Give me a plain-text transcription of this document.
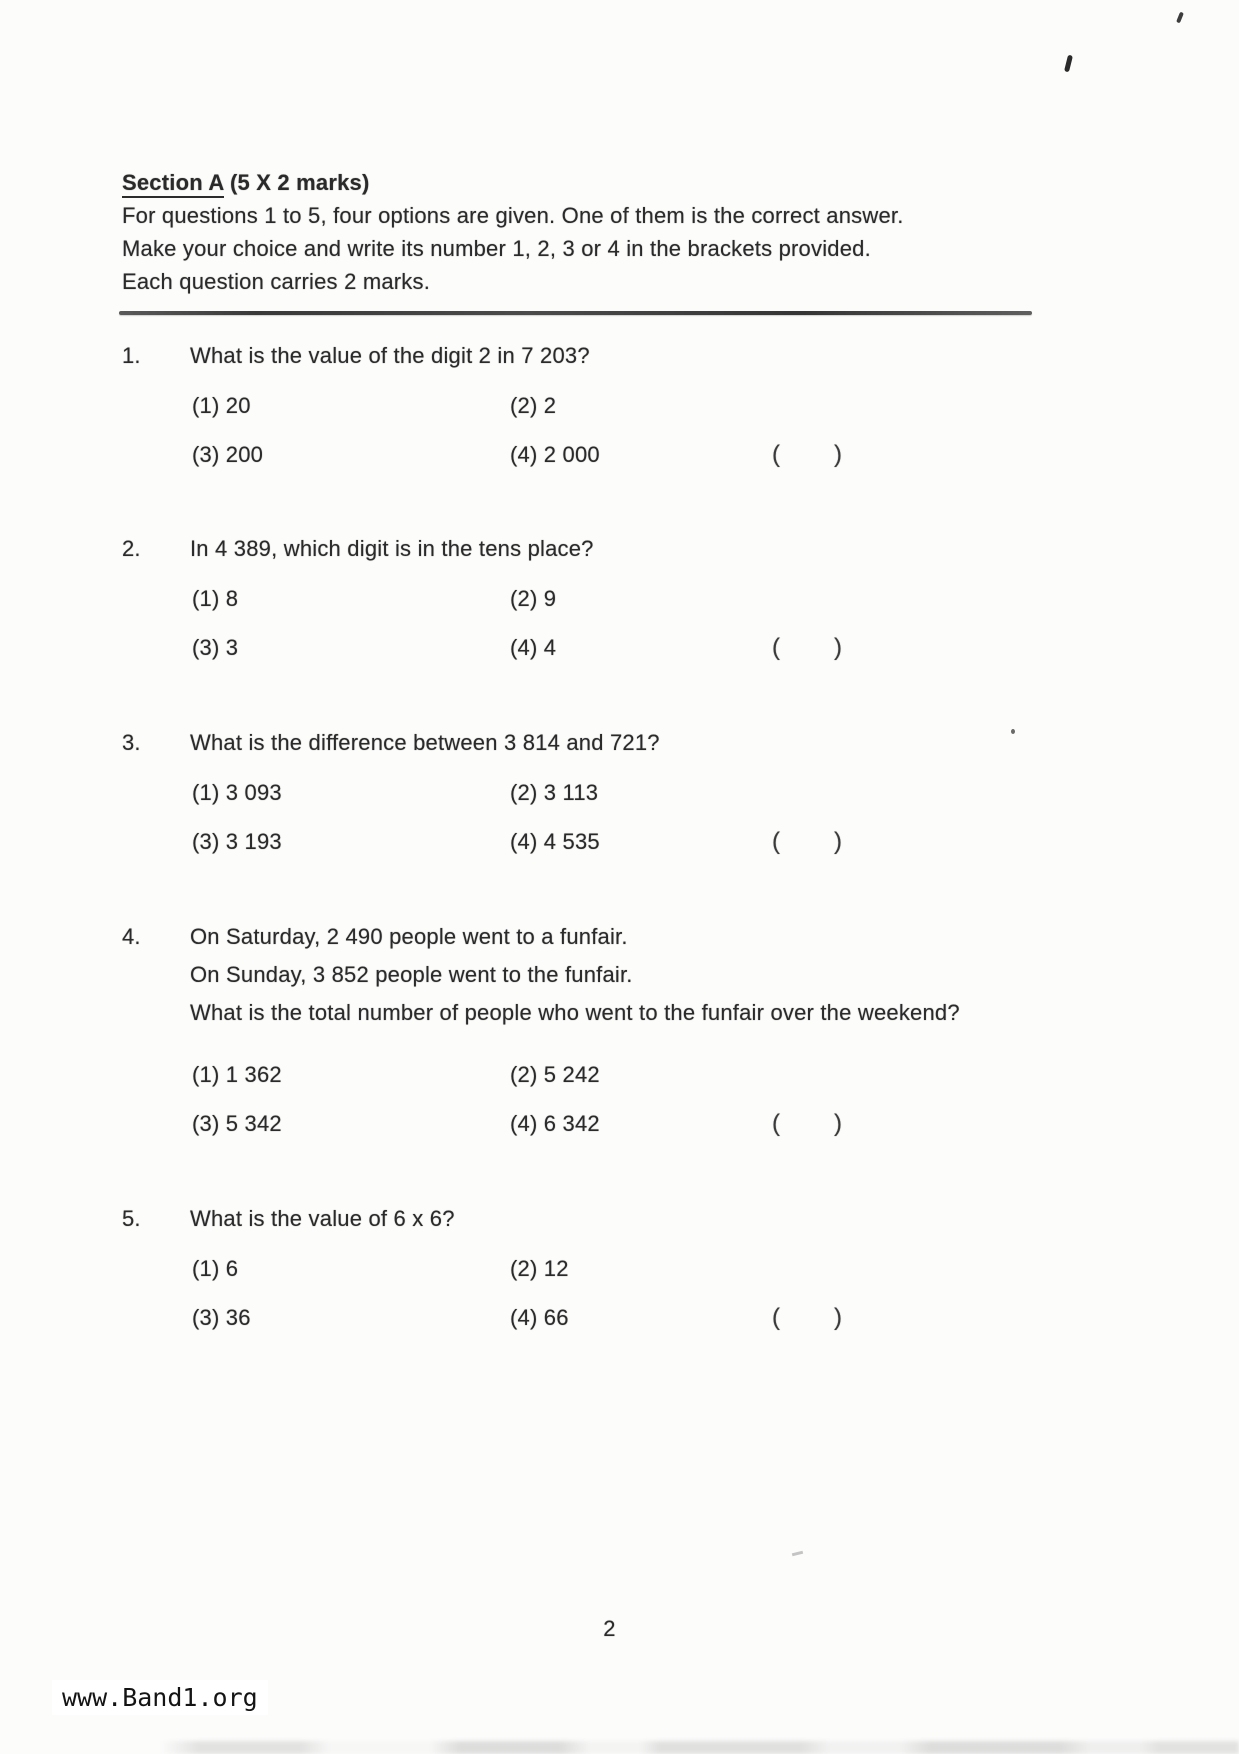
Section A (5 X 2 marks)
For questions 1 to 5, four options are given. One of them is the correct answer.
Make your choice and write its number 1, 2, 3 or 4 in the brackets provided.
Each question carries 2 marks.
1.	What is the value of the digit 2 in 7 203?
(1) 20	(2) 2
(3) 200	(4) 2 000	( )
2.	In 4 389, which digit is in the tens place?
(1) 8	(2) 9
(3) 3	(4) 4	( )
3.	What is the difference between 3 814 and 721?
(1) 3 093	(2) 3 113
(3) 3 193	(4) 4 535	( )
4.	On Saturday, 2 490 people went to a funfair.
On Sunday, 3 852 people went to the funfair.
What is the total number of people who went to the funfair over the weekend?
(1) 1 362	(2) 5 242
(3) 5 342	(4) 6 342	( )
5.	What is the value of 6 x 6?
(1) 6	(2) 12
(3) 36	(4) 66	( )
2
www.Band1.org
